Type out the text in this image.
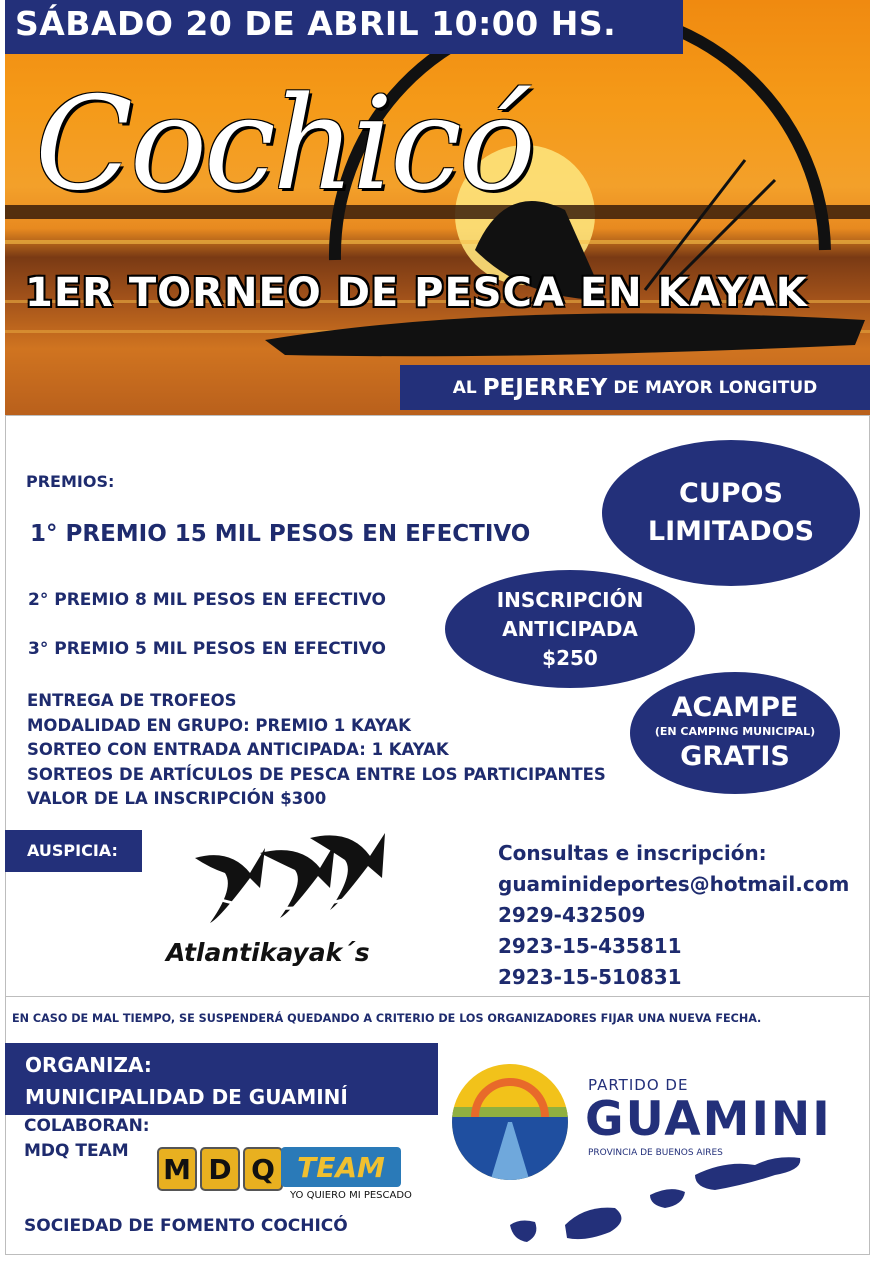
Cochicó
1ER TORNEO DE PESCA EN KAYAK
SÁBADO 20 DE ABRIL 10:00 HS.
AL PEJERREY DE MAYOR LONGITUD
PREMIOS:
1° PREMIO 15 MIL PESOS EN EFECTIVO
2° PREMIO 8 MIL PESOS EN EFECTIVO
3° PREMIO 5 MIL PESOS EN EFECTIVO
ENTREGA DE TROFEOS
MODALIDAD EN GRUPO: PREMIO 1 KAYAK
SORTEO CON ENTRADA ANTICIPADA: 1 KAYAK
SORTEOS DE ARTÍCULOS DE PESCA ENTRE LOS PARTICIPANTES
VALOR DE LA INSCRIPCIÓN $300
CUPOS
LIMITADOS
INSCRIPCIÓN
ANTICIPADA
$250
ACAMPE
(EN CAMPING MUNICIPAL)
GRATIS
AUSPICIA:
Atlantikayak´s
Consultas e inscripción:
guaminideportes@hotmail.com
2929-432509
2923-15-435811
2923-15-510831
EN CASO DE MAL TIEMPO, SE SUSPENDERÁ QUEDANDO A CRITERIO DE LOS ORGANIZADORES FIJAR UNA NUEVA FECHA.
ORGANIZA:
MUNICIPALIDAD DE GUAMINÍ
COLABORAN:
MDQ TEAM
SOCIEDAD DE FOMENTO COCHICÓ
M D Q TEAM
YO QUIERO MI PESCADO
PARTIDO DE
GUAMINI
PROVINCIA DE BUENOS AIRES
